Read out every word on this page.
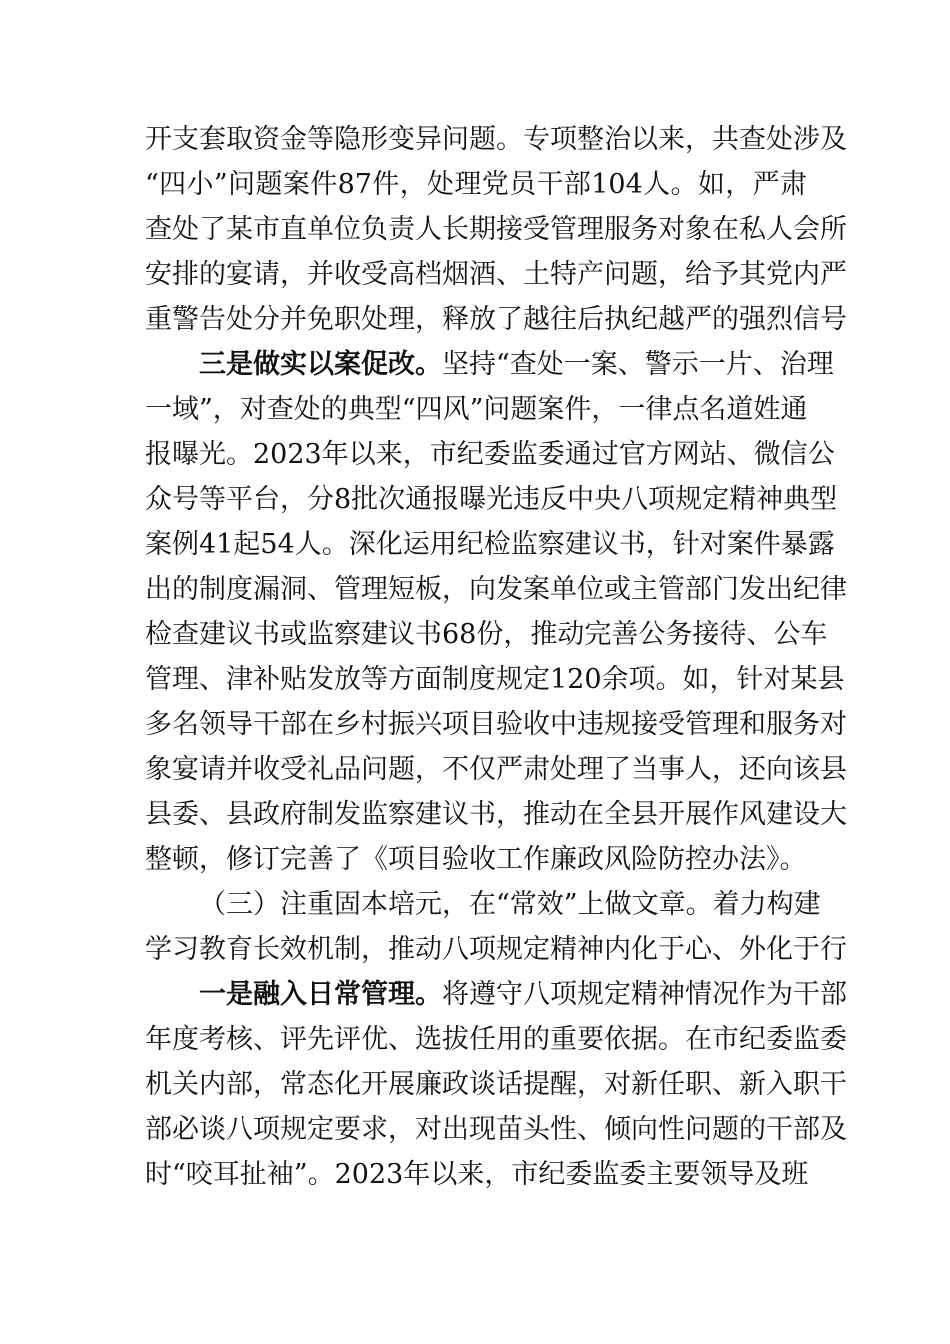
开支套取资金等隐形变异问题。专项整治以来，共查处涉及
“四小”问题案件87件，处理党员干部104人。如，严肃
查处了某市直单位负责人长期接受管理服务对象在私人会所
安排的宴请，并收受高档烟酒、土特产问题，给予其党内严
重警告处分并免职处理，释放了越往后执纪越严的强烈信号
三是做实以案促改。坚持“查处一案、警示一片、治理
一域”，对查处的典型“四风”问题案件，一律点名道姓通
报曝光。2023年以来，市纪委监委通过官方网站、微信公
众号等平台，分8批次通报曝光违反中央八项规定精神典型
案例41起54人。深化运用纪检监察建议书，针对案件暴露
出的制度漏洞、管理短板，向发案单位或主管部门发出纪律
检查建议书或监察建议书68份，推动完善公务接待、公车
管理、津补贴发放等方面制度规定120余项。如，针对某县
多名领导干部在乡村振兴项目验收中违规接受管理和服务对
象宴请并收受礼品问题，不仅严肃处理了当事人，还向该县
县委、县政府制发监察建议书，推动在全县开展作风建设大
整顿，修订完善了《项目验收工作廉政风险防控办法》。
（三）注重固本培元，在“常效”上做文章。着力构建
学习教育长效机制，推动八项规定精神内化于心、外化于行
一是融入日常管理。将遵守八项规定精神情况作为干部
年度考核、评先评优、选拔任用的重要依据。在市纪委监委
机关内部，常态化开展廉政谈话提醒，对新任职、新入职干
部必谈八项规定要求，对出现苗头性、倾向性问题的干部及
时“咬耳扯袖”。2023年以来，市纪委监委主要领导及班
